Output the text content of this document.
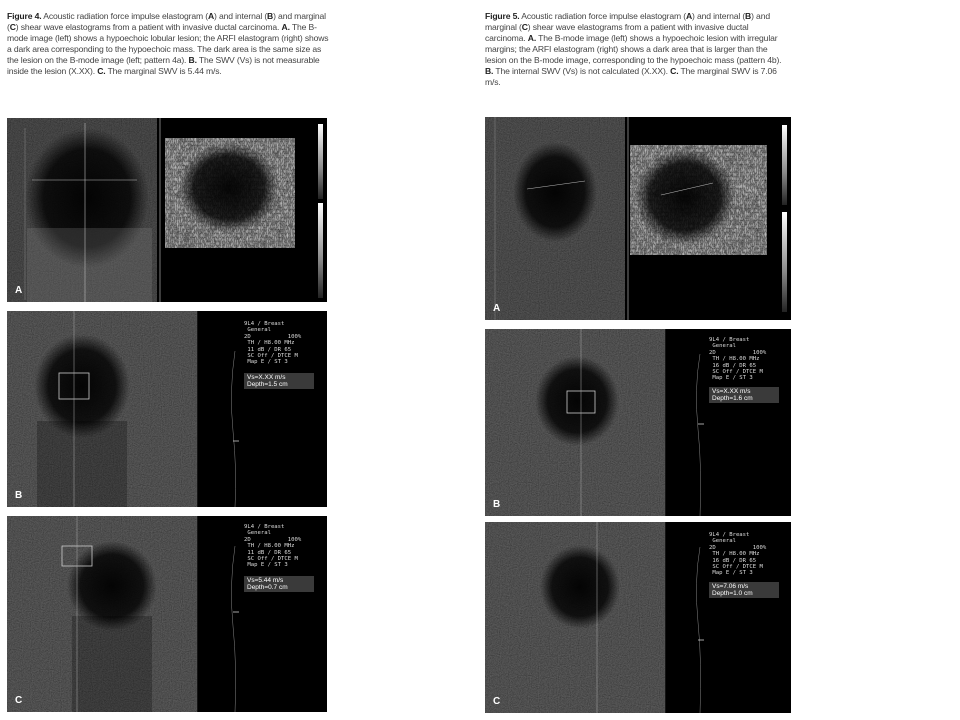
Figure 4. Acoustic radiation force impulse elastogram (A) and internal (B) and marginal (C) shear wave elastograms from a patient with invasive ductal carcinoma. A. The B-mode image (left) shows a hypoechoic lobular lesion; the ARFI elastogram (right) shows a dark area corresponding to the hypoechoic mass. The dark area is the same size as the lesion on the B-mode image (left; pattern 4a). B. The SWV (Vs) is not measurable inside the lesion (X.XX). C. The marginal SWV is 5.44 m/s.
A
9L4 / Breast
General
2D           100%
TH / H8.00 MHz
11 dB / DR 65
SC Off / DTCE M
Map E / ST 3
Vs=X.XX m/s
Depth=1.5 cm
B
9L4 / Breast
General
2D           100%
TH / H8.00 MHz
11 dB / DR 65
SC Off / DTCE M
Map E / ST 3
Vs=5.44 m/s
Depth=0.7 cm
C
Figure 5. Acoustic radiation force impulse elastogram (A) and internal (B) and marginal (C) shear wave elastograms from a patient with invasive ductal carcinoma. A. The B-mode image (left) shows a hypoechoic lesion with irregular margins; the ARFI elastogram (right) shows a dark area that is larger than the lesion on the B-mode image, corresponding to the hypoechoic mass (pattern 4b). B. The internal SWV (Vs) is not calculated (X.XX). C. The marginal SWV is 7.06 m/s.
A
9L4 / Breast
General
2D           100%
TH / H8.00 MHz
16 dB / DR 65
SC Off / DTCE M
Map E / ST 3
Vs=X.XX m/s
Depth=1.6 cm
B
9L4 / Breast
General
2D           100%
TH / H8.00 MHz
16 dB / DR 65
SC Off / DTCE M
Map E / ST 3
Vs=7.06 m/s
Depth=1.0 cm
C
